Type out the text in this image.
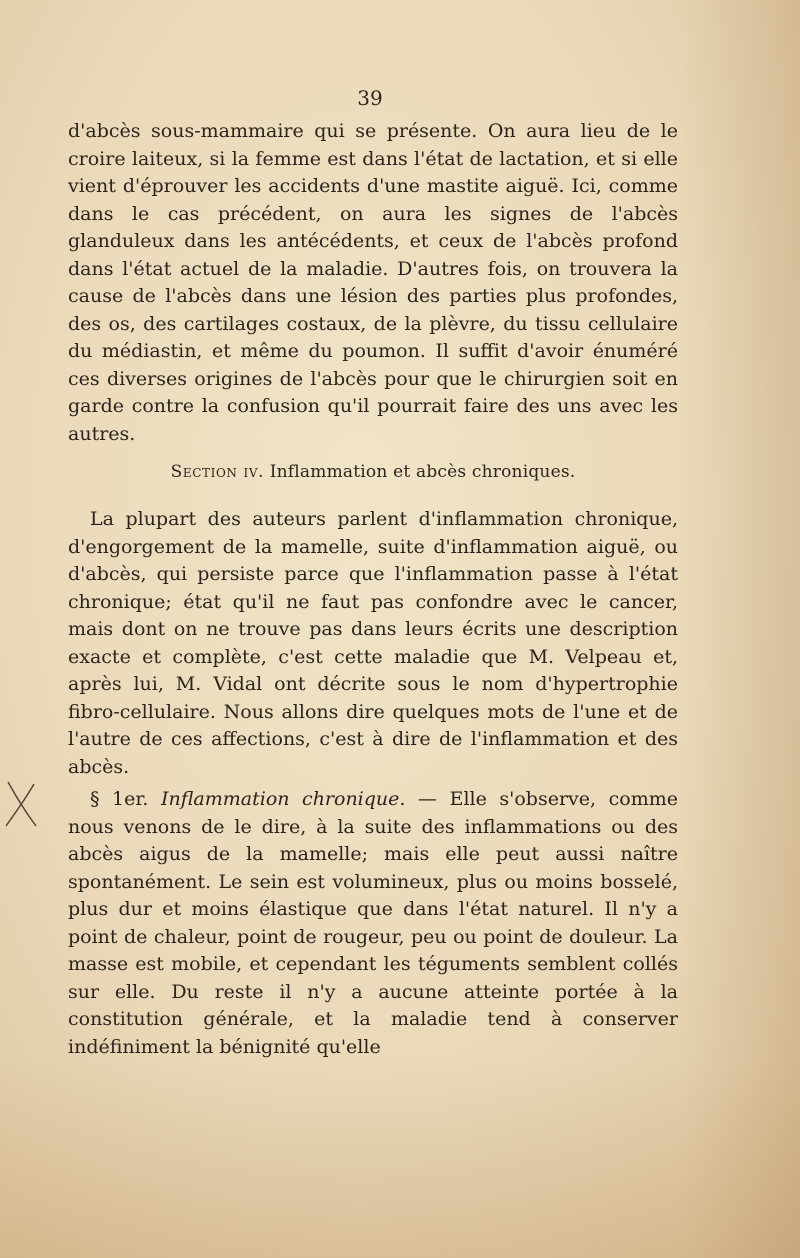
39

d'abcès sous-mammaire qui se présente. On aura lieu de le croire laiteux, si la femme est dans l'état de lactation, et si elle vient d'éprouver les accidents d'une mastite aiguë. Ici, comme dans le cas précédent, on aura les signes de l'abcès glanduleux dans les antécédents, et ceux de l'abcès profond dans l'état actuel de la maladie. D'autres fois, on trouvera la cause de l'abcès dans une lésion des parties plus profondes, des os, des cartilages costaux, de la plèvre, du tissu cellulaire du médiastin, et même du poumon. Il suffit d'avoir énuméré ces diverses origines de l'abcès pour que le chirurgien soit en garde contre la confusion qu'il pourrait faire des uns avec les autres.

Section iv. Inflammation et abcès chroniques.

La plupart des auteurs parlent d'inflammation chronique, d'engorgement de la mamelle, suite d'inflammation aiguë, ou d'abcès, qui persiste parce que l'inflammation passe à l'état chronique; état qu'il ne faut pas confondre avec le cancer, mais dont on ne trouve pas dans leurs écrits une description exacte et complète, c'est cette maladie que M. Velpeau et, après lui, M. Vidal ont décrite sous le nom d'hypertrophie fibro-cellulaire. Nous allons dire quelques mots de l'une et de l'autre de ces affections, c'est à dire de l'inflammation et des abcès.

§ 1er. Inflammation chronique. — Elle s'observe, comme nous venons de le dire, à la suite des inflammations ou des abcès aigus de la mamelle; mais elle peut aussi naître spontanément. Le sein est volumineux, plus ou moins bosselé, plus dur et moins élastique que dans l'état naturel. Il n'y a point de chaleur, point de rougeur, peu ou point de douleur. La masse est mobile, et cependant les téguments semblent collés sur elle. Du reste il n'y a aucune atteinte portée à la constitution générale, et la maladie tend à conserver indéfiniment la bénignité qu'elle
